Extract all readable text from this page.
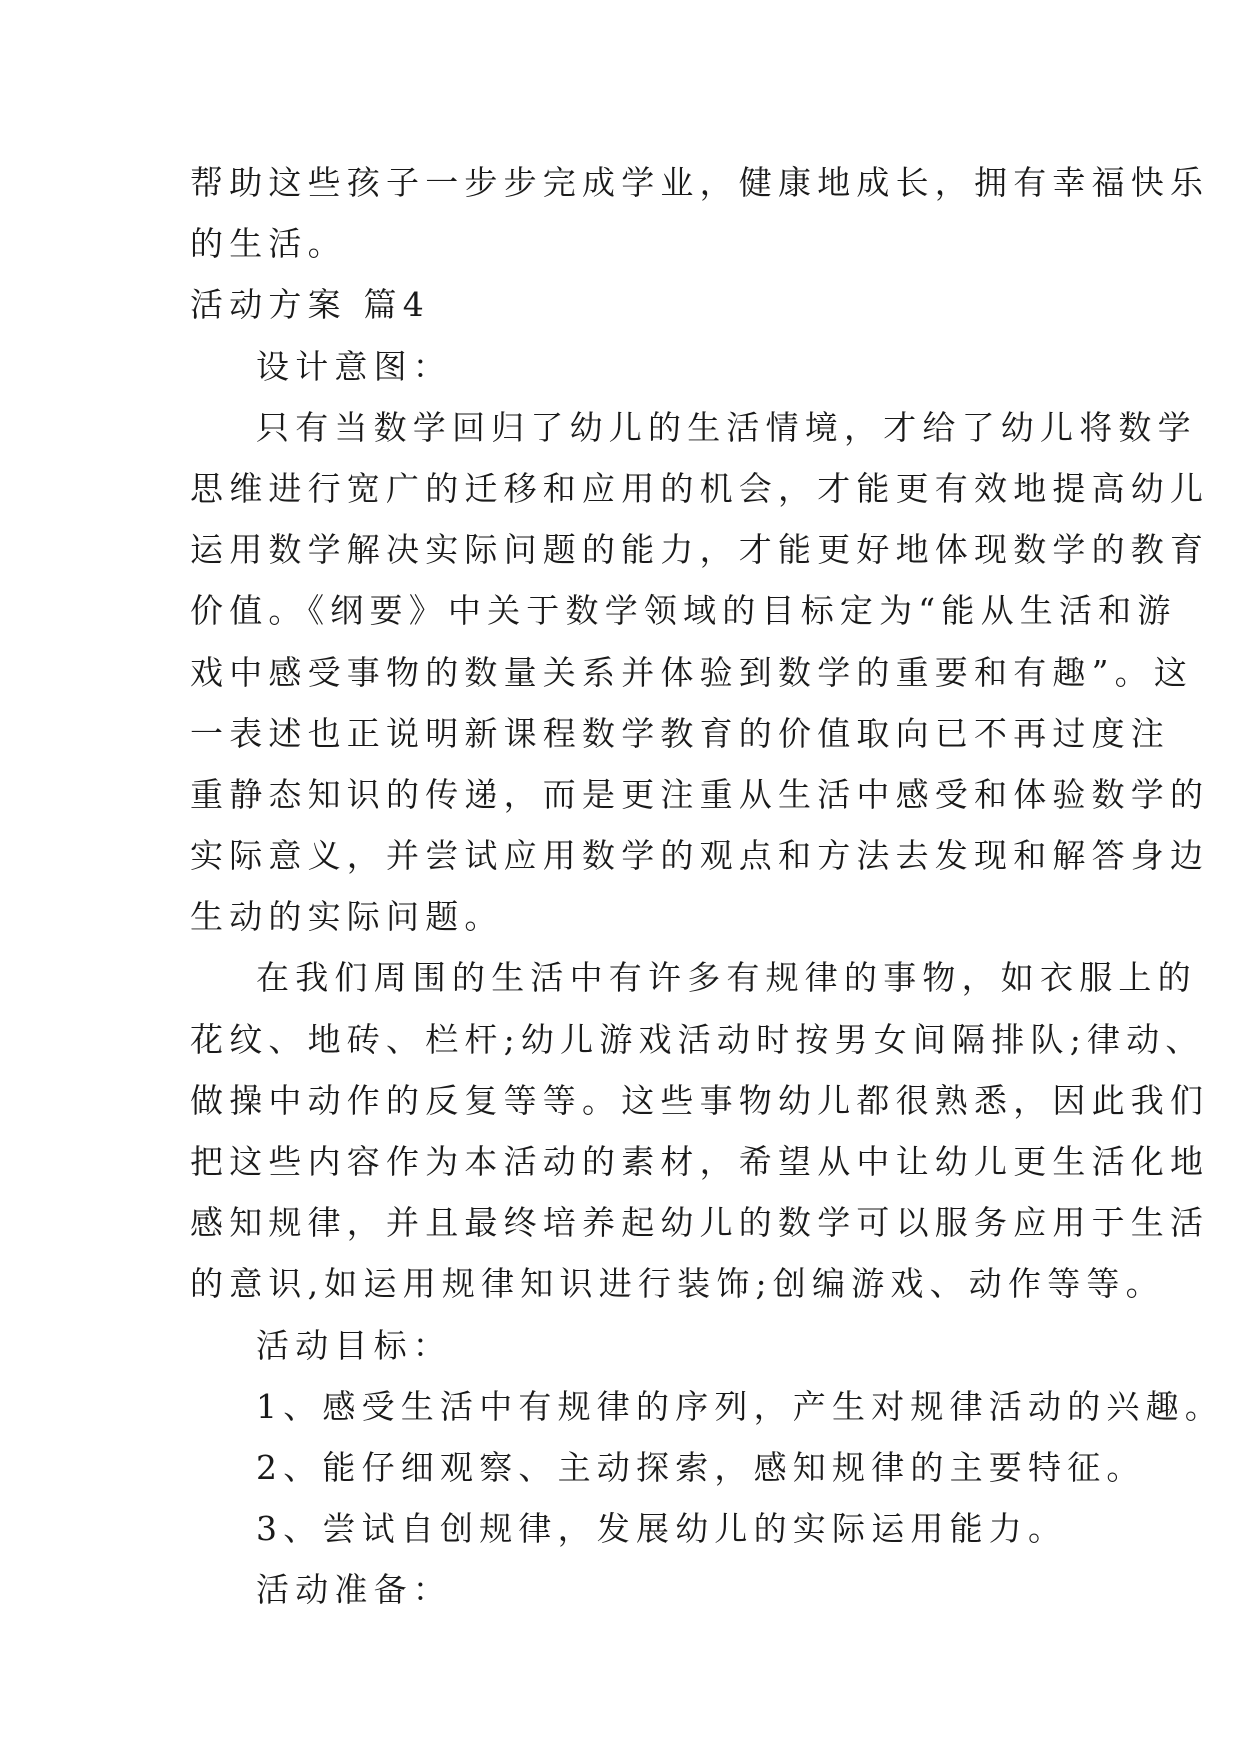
帮助这些孩子一步步完成学业，健康地成长，拥有幸福快乐
的生活。
活动方案 篇4
设计意图：
只有当数学回归了幼儿的生活情境，才给了幼儿将数学
思维进行宽广的迁移和应用的机会，才能更有效地提高幼儿
运用数学解决实际问题的能力，才能更好地体现数学的教育
价值。《纲要》中关于数学领域的目标定为“能从生活和游
戏中感受事物的数量关系并体验到数学的重要和有趣”。这
一表述也正说明新课程数学教育的价值取向已不再过度注
重静态知识的传递，而是更注重从生活中感受和体验数学的
实际意义，并尝试应用数学的观点和方法去发现和解答身边
生动的实际问题。
在我们周围的生活中有许多有规律的事物，如衣服上的
花纹、地砖、栏杆;幼儿游戏活动时按男女间隔排队;律动、
做操中动作的反复等等。这些事物幼儿都很熟悉，因此我们
把这些内容作为本活动的素材，希望从中让幼儿更生活化地
感知规律，并且最终培养起幼儿的数学可以服务应用于生活
的意识,如运用规律知识进行装饰;创编游戏、动作等等。
活动目标：
1、感受生活中有规律的序列，产生对规律活动的兴趣。
2、能仔细观察、主动探索，感知规律的主要特征。
3、尝试自创规律，发展幼儿的实际运用能力。
活动准备：
